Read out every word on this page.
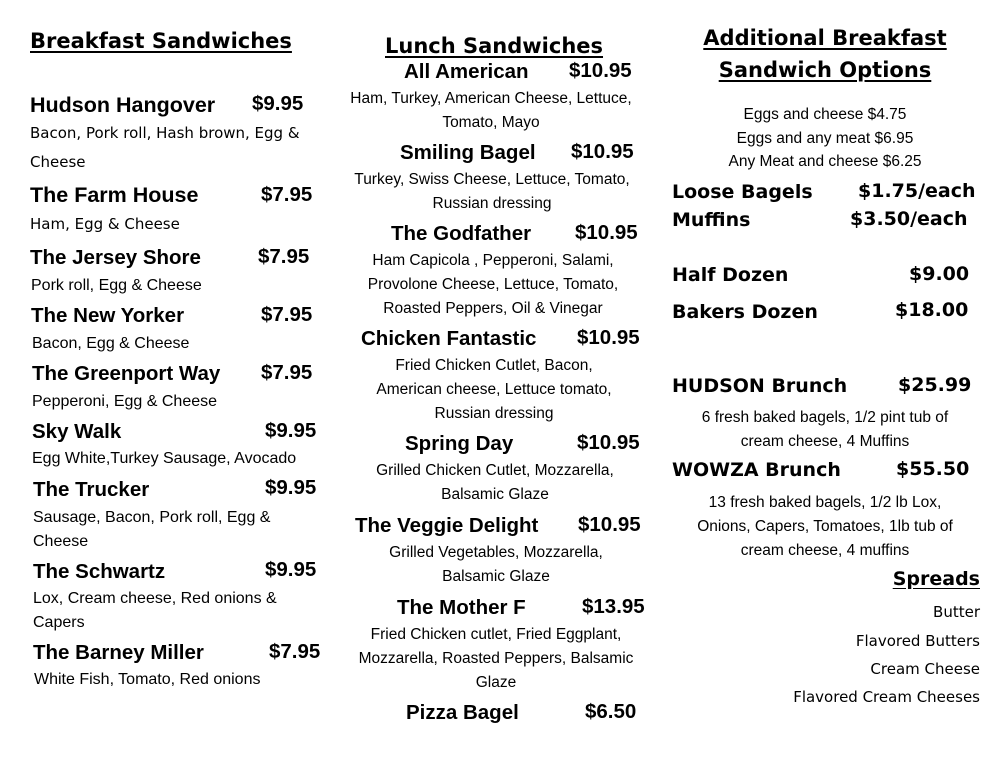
Breakfast Sandwiches
Hudson Hangover $9.95
Bacon, Pork roll, Hash brown, Egg &
Cheese
The Farm House	$7.95
Ham, Egg & Cheese
The Jersey Shore	$7.95
Pork roll, Egg & Cheese
The New Yorker	$7.95
Bacon, Egg & Cheese
The Greenport Way $7.95
Pepperoni, Egg & Cheese
Sky Walk	$9.95
Egg White,Turkey Sausage, Avocado
The Trucker	$9.95
Sausage, Bacon, Pork roll, Egg &
Cheese
The Schwartz	$9.95
Lox, Cream cheese, Red onions &
Capers
The Barney Miller	$7.95
White Fish, Tomato, Red onions
Lunch Sandwiches
All American $10.95
Ham, Turkey, American Cheese, Lettuce,
Tomato, Mayo
Smiling Bagel $10.95
Turkey, Swiss Cheese, Lettuce, Tomato,
Russian dressing
The Godfather $10.95
Ham Capicola , Pepperoni, Salami,
Provolone Cheese, Lettuce, Tomato,
Roasted Peppers, Oil & Vinegar
Chicken Fantastic $10.95
Fried Chicken Cutlet, Bacon,
American cheese, Lettuce tomato,
Russian dressing
Spring Day	$10.95
Grilled Chicken Cutlet, Mozzarella,
Balsamic Glaze
The Veggie Delight $10.95
Grilled Vegetables, Mozzarella,
Balsamic Glaze
The Mother F	$13.95
Fried Chicken cutlet, Fried Eggplant,
Mozzarella, Roasted Peppers, Balsamic
Glaze
Pizza Bagel	$6.50
Additional Breakfast
Sandwich Options
Eggs and cheese $4.75
Eggs and any meat $6.95
Any Meat and cheese $6.25
Loose Bagels $1.75/each
Muffins	$3.50/each
Half Dozen	$9.00
Bakers Dozen	$18.00
HUDSON Brunch	$25.99
6 fresh baked bagels, 1/2 pint tub of
cream cheese, 4 Muffins
WOWZA Brunch	$55.50
13 fresh baked bagels, 1/2 lb Lox,
Onions, Capers, Tomatoes, 1lb tub of
cream cheese, 4 muffins
Spreads
Butter
Flavored Butters
Cream Cheese
Flavored Cream Cheeses
